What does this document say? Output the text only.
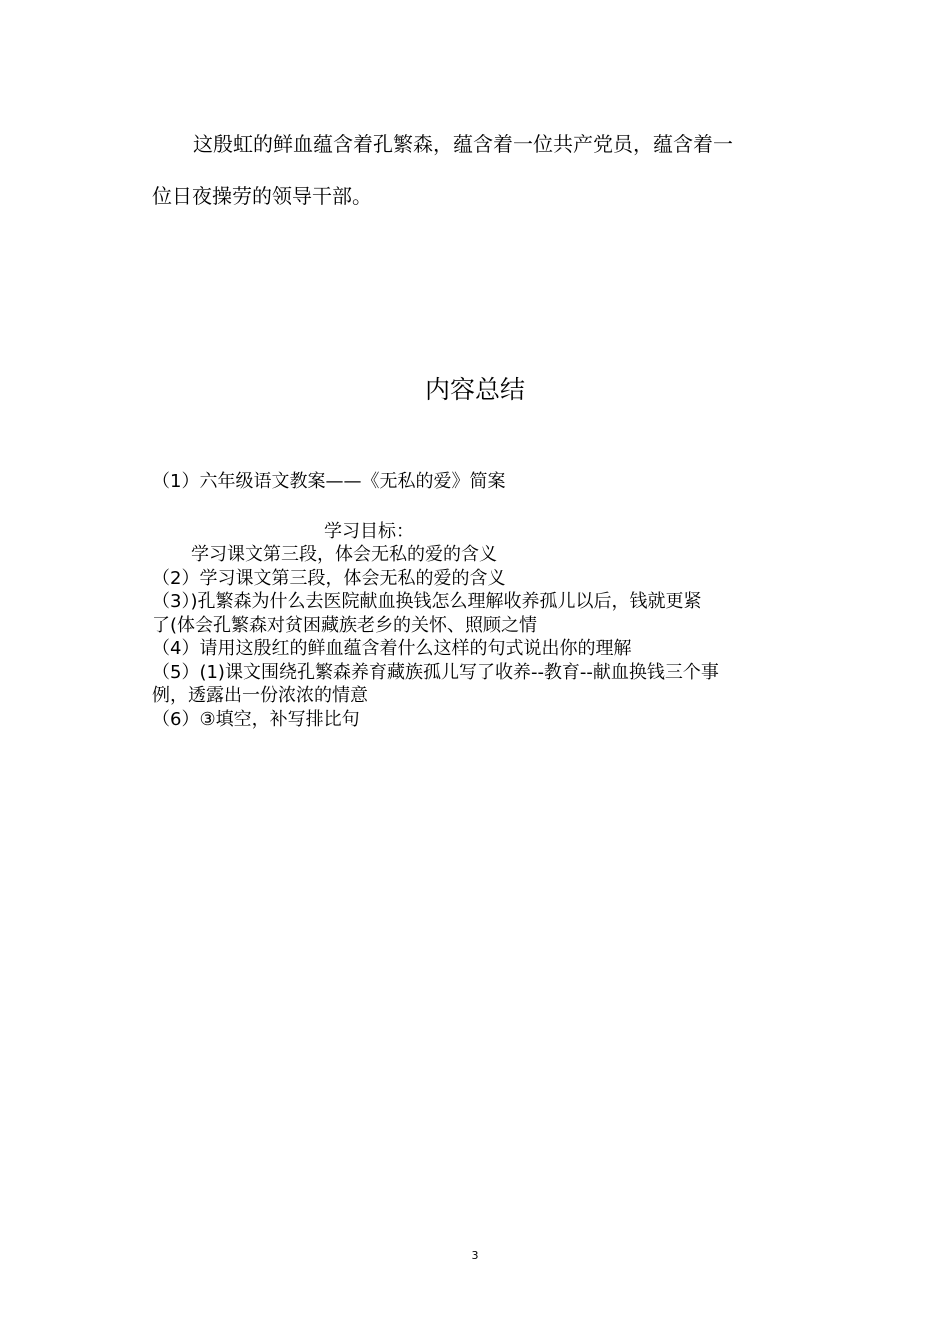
这殷虹的鲜血蕴含着孔繁森，蕴含着一位共产党员，蕴含着一
位日夜操劳的领导干部。
内容总结
（1）六年级语文教案——《无私的爱》简案
学习目标：
学习课文第三段，体会无私的爱的含义
（2）学习课文第三段，体会无私的爱的含义
（3）)孔繁森为什么去医院献血换钱怎么理解收养孤儿以后，钱就更紧
了(体会孔繁森对贫困藏族老乡的关怀、照顾之情
（4）请用这殷红的鲜血蕴含着什么这样的句式说出你的理解
（5）(1)课文围绕孔繁森养育藏族孤儿写了收养--教育--献血换钱三个事
例，透露出一份浓浓的情意
（6）③填空，补写排比句
3
